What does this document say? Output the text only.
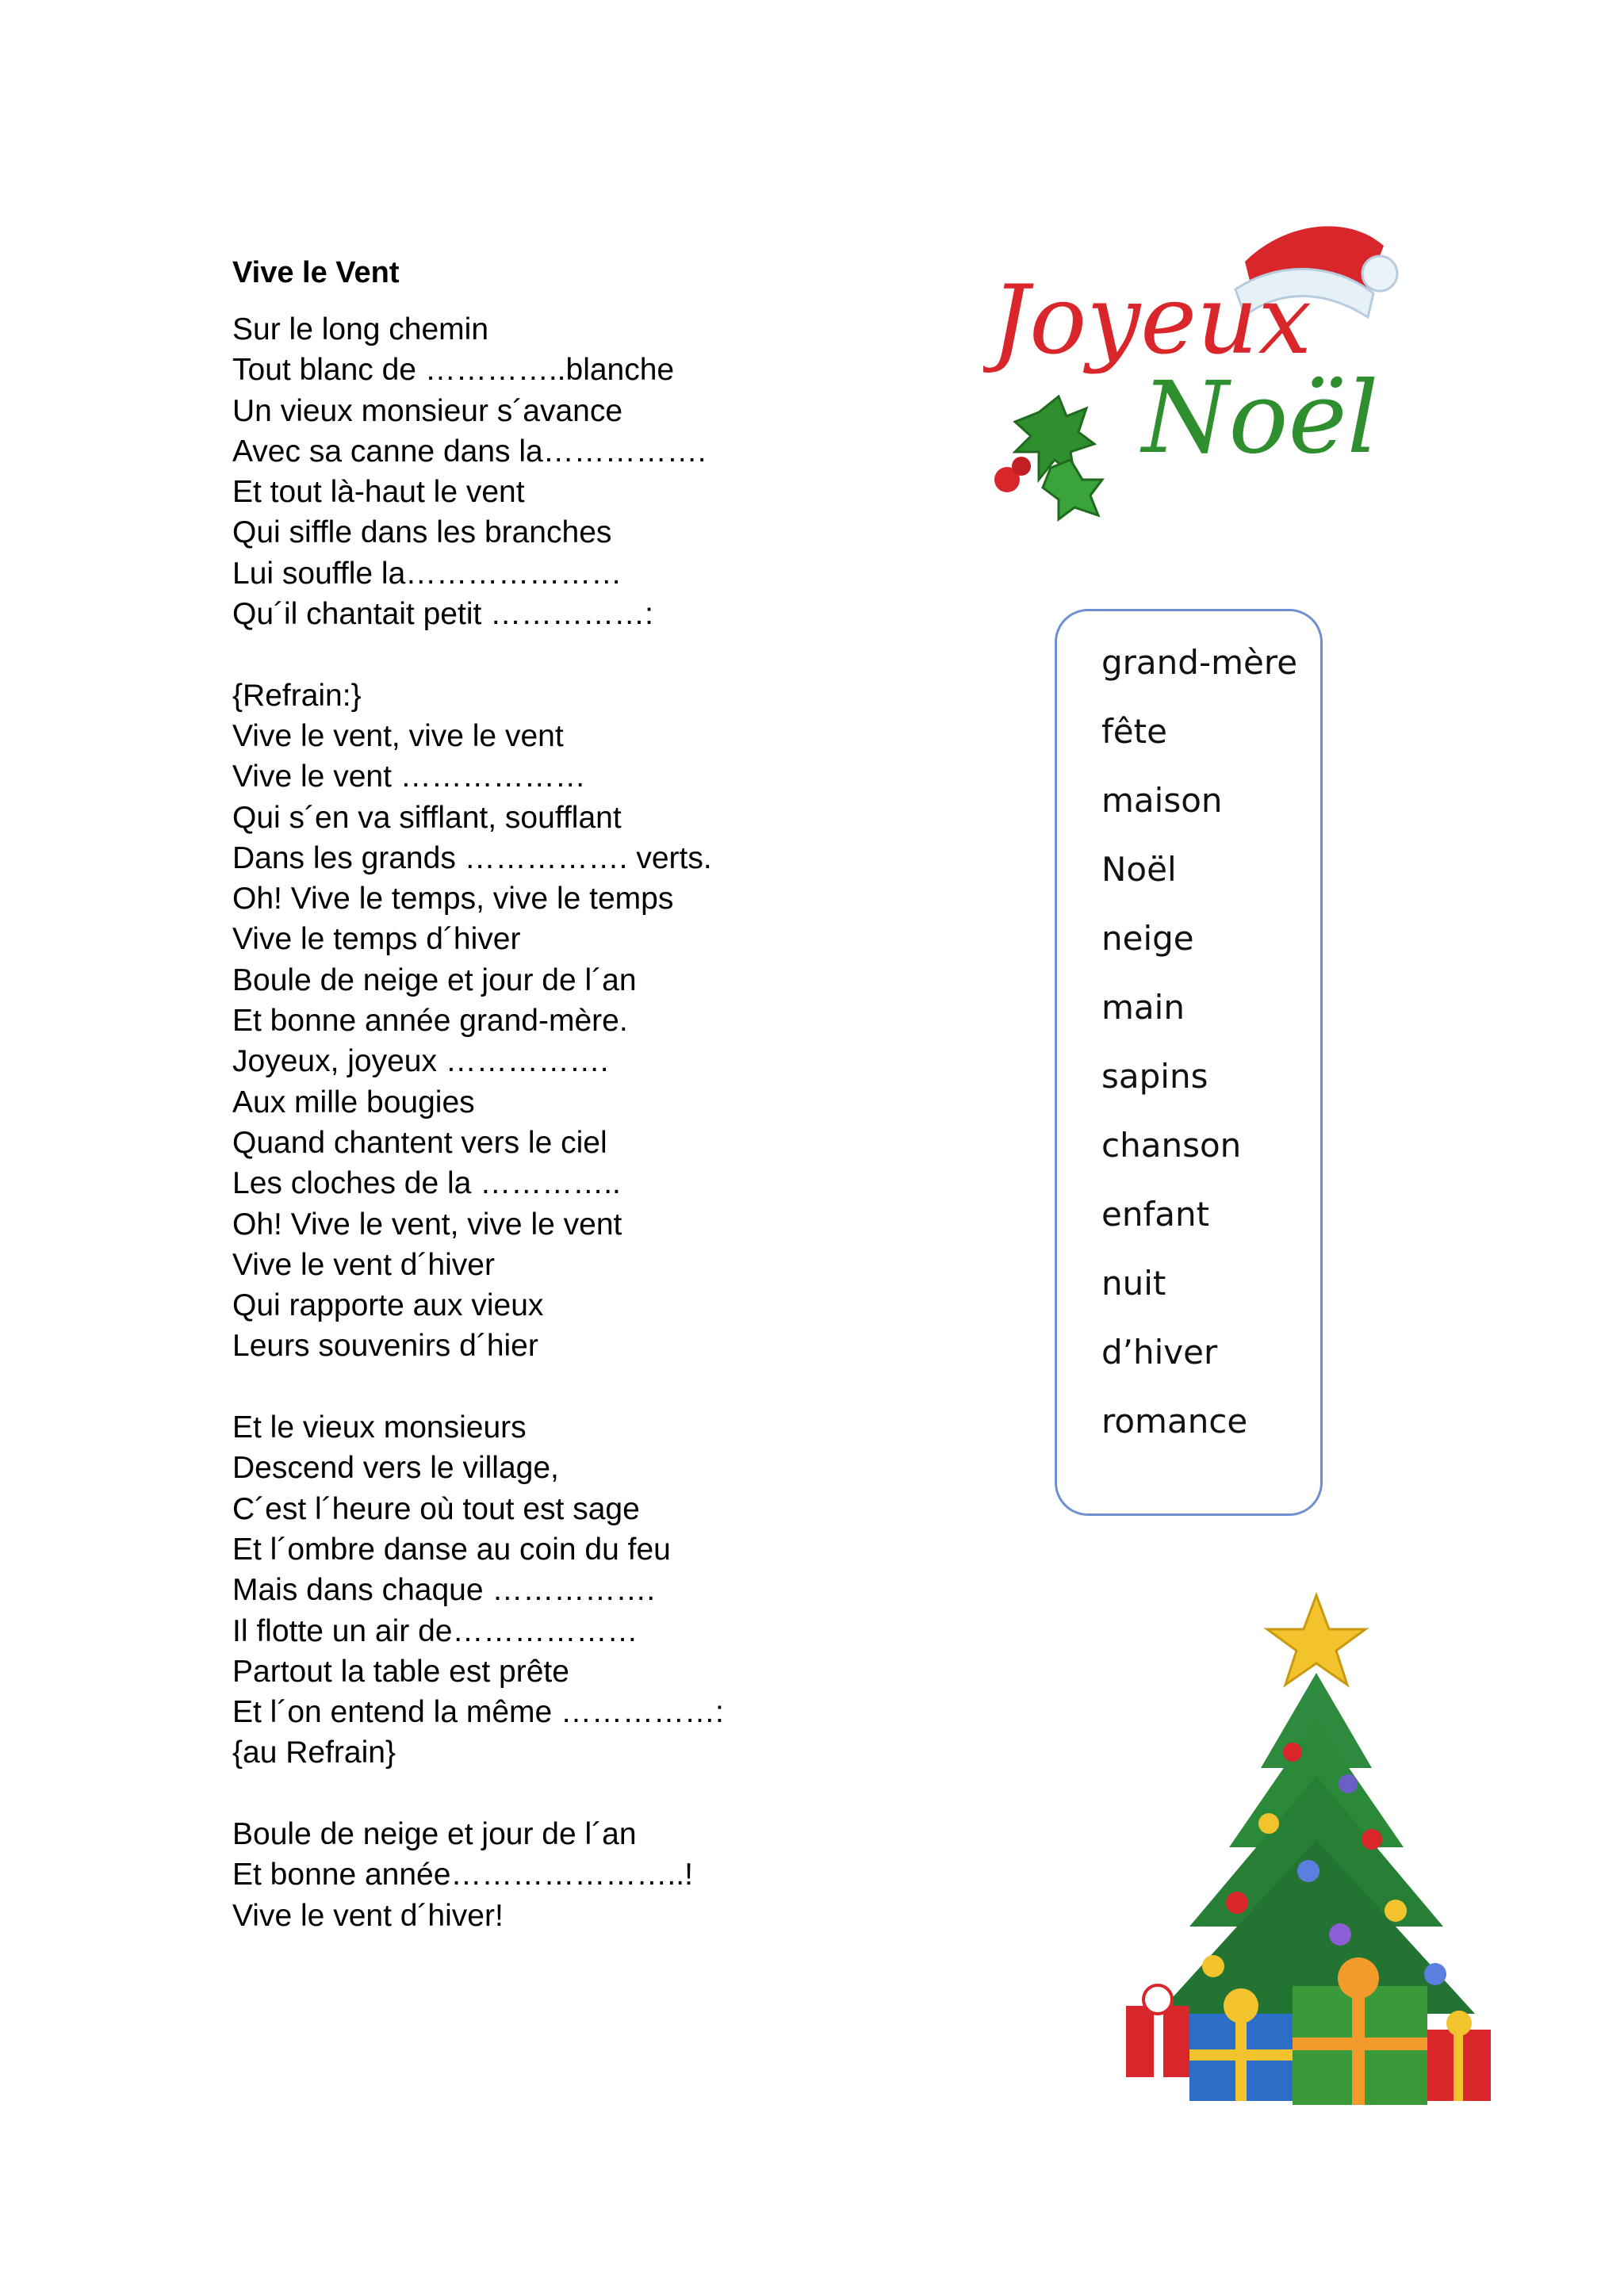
Vive le Vent
Sur le long chemin
Tout blanc de …………..blanche
Un vieux monsieur s´avance
Avec sa canne dans la…………….
Et tout là-haut le vent
Qui siffle dans les branches
Lui souffle la…………………
Qu´il chantait petit ……………:
{Refrain:}
Vive le vent, vive le vent
Vive le vent ………………
Qui s´en va sifflant, soufflant
Dans les grands ……………. verts.
Oh! Vive le temps, vive le temps
Vive le temps d´hiver
Boule de neige et jour de l´an
Et bonne année grand-mère.
Joyeux, joyeux …………….
Aux mille bougies
Quand chantent vers le ciel
Les cloches de la …………..
Oh! Vive le vent, vive le vent
Vive le vent d´hiver
Qui rapporte aux vieux
Leurs souvenirs d´hier
Et le vieux monsieurs
Descend vers le village,
C´est l´heure où tout est sage
Et l´ombre danse au coin du feu
Mais dans chaque …………….
Il flotte un air de………………
Partout la table est prête
Et l´on entend la même ……………:
{au Refrain}
Boule de neige et jour de l´an
Et bonne année…………………..!
Vive le vent d´hiver!
Joyeux
Noël
grand-mère
fête
maison
Noël
neige
main
sapins
chanson
enfant
nuit
d’hiver
romance
